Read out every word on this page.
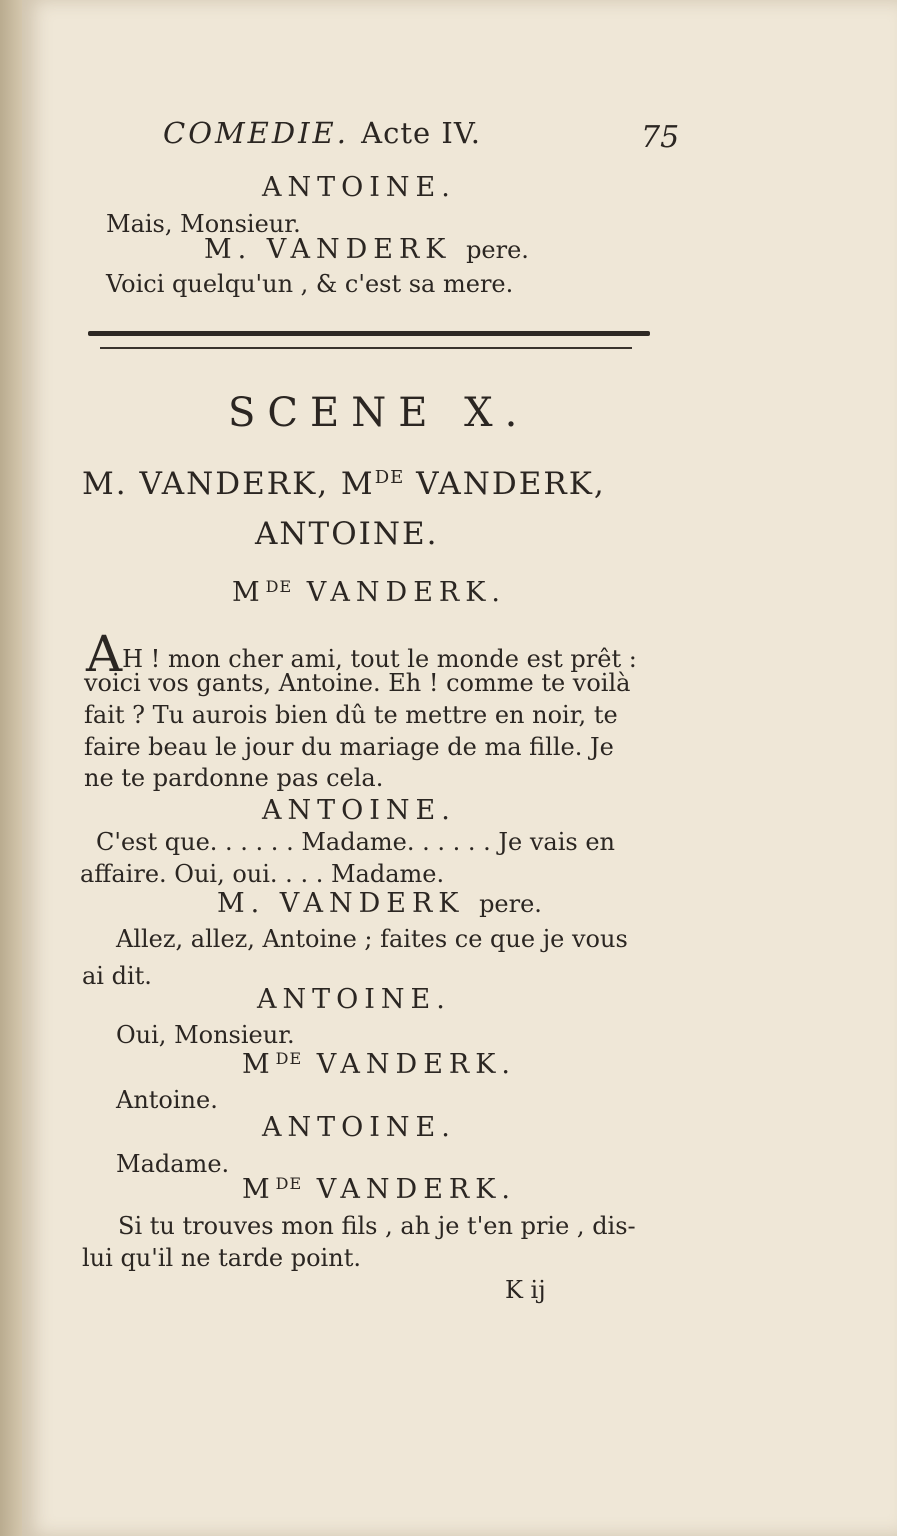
COMEDIE. Acte IV.	75
ANTOINE.
Mais, Monsieur.
M. VANDERK pere.
Voici quelqu'un , & c'est sa mere.
SCENE X.
M. VANDERK, MDE VANDERK,
ANTOINE.
MDE VANDERK.
AH ! mon cher ami, tout le monde est prêt :
voici vos gants, Antoine. Eh ! comme te voilà
fait ? Tu aurois bien dû te mettre en noir, te
faire beau le jour du mariage de ma fille. Je
ne te pardonne pas cela.
ANTOINE.
C'est que. . . . . . Madame. . . . . . Je vais en
affaire. Oui, oui. . . . Madame.
M. VANDERK pere.
Allez, allez, Antoine ; faites ce que je vous
ai dit.
ANTOINE.
Oui, Monsieur.
MDE VANDERK.
Antoine.
ANTOINE.
Madame.
MDE VANDERK.
Si tu trouves mon fils , ah je t'en prie , dis-
lui qu'il ne tarde point.
K ij
